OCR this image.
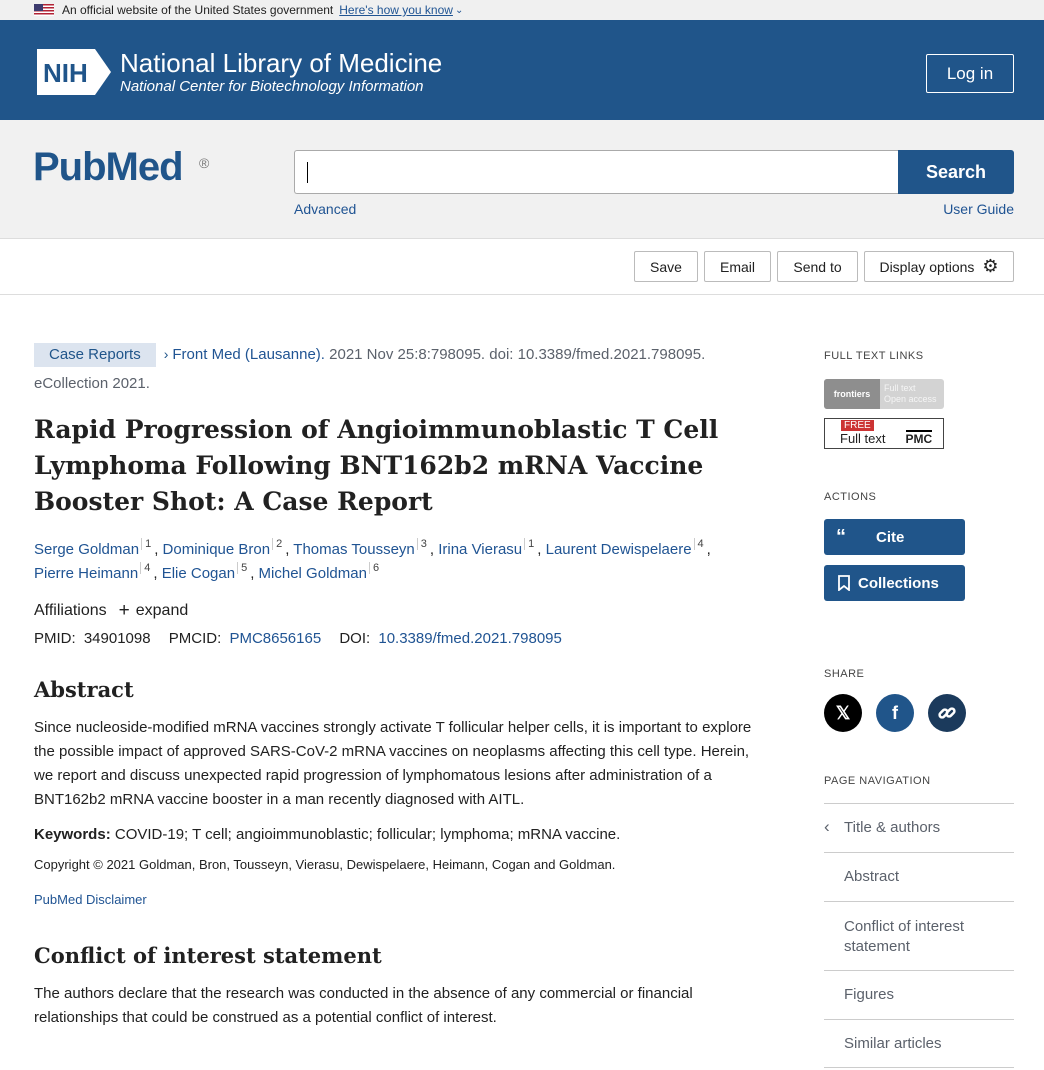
An official website of the United States government Here's how you know ⌄
NIH National Library of Medicine
National Center for Biotechnology Information
Log in
PubMed ®	Search
Advanced	User Guide
Save	Email	Send to	Display options ⚙
Case Reports › Front Med (Lausanne). 2021 Nov 25:8:798095. doi: 10.3389/fmed.2021.798095.
eCollection 2021.
Rapid Progression of Angioimmunoblastic T Cell Lymphoma Following BNT162b2 mRNA Vaccine Booster Shot: A Case Report
Serge Goldman 1 , Dominique Bron 2 , Thomas Tousseyn 3 , Irina Vierasu 1 , Laurent Dewispelaere 4 ,
Pierre Heimann 4 , Elie Cogan 5 , Michel Goldman 6
Affiliations + expand
PMID: 34901098 PMCID: PMC8656165 DOI: 10.3389/fmed.2021.798095
Abstract

Since nucleoside-modified mRNA vaccines strongly activate T follicular helper cells, it is important to explore the possible impact of approved SARS-CoV-2 mRNA vaccines on neoplasms affecting this cell type. Herein, we report and discuss unexpected rapid progression of lymphomatous lesions after administration of a BNT162b2 mRNA vaccine booster in a man recently diagnosed with AITL.

Keywords: COVID-19; T cell; angioimmunoblastic; follicular; lymphoma; mRNA vaccine.

Copyright © 2021 Goldman, Bron, Tousseyn, Vierasu, Dewispelaere, Heimann, Cogan and Goldman.

PubMed Disclaimer

Conflict of interest statement

The authors declare that the research was conducted in the absence of any commercial or financial relationships that could be construed as a potential conflict of interest.

FULL TEXT LINKS
frontiers
Full text
Open access
FREE
Full text PMC
ACTIONS
“ Cite
Collections
SHARE
𝕏	f
PAGE NAVIGATION
‹ Title & authors
Abstract
Conflict of interest statement
Figures
Similar articles
